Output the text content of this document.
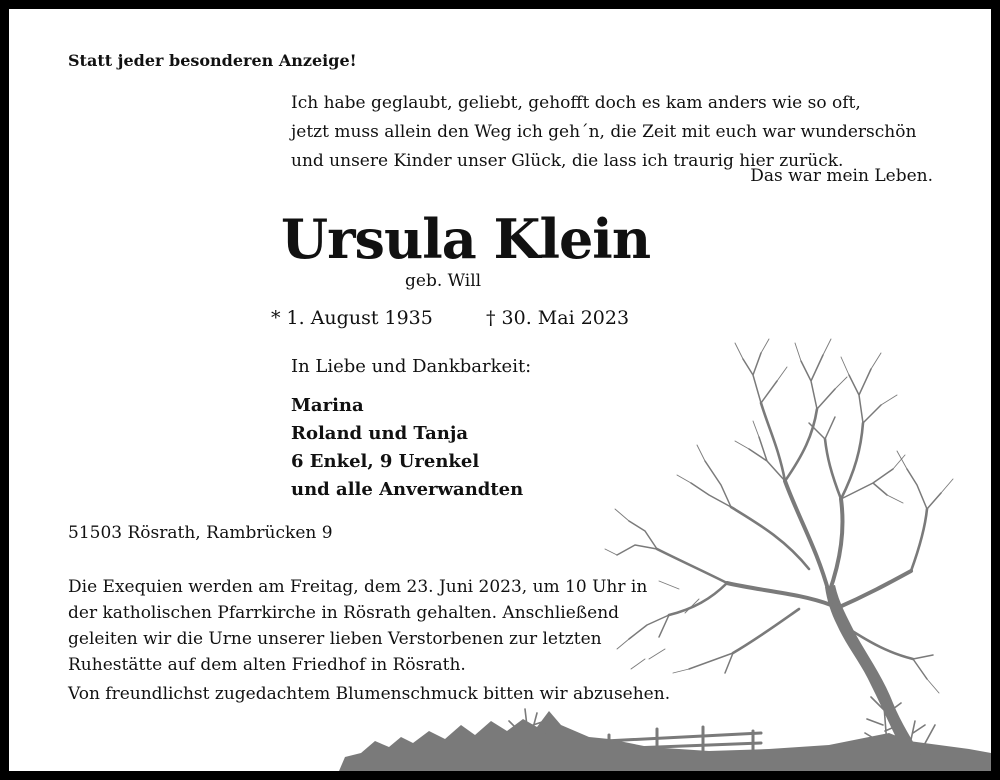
Statt jeder besonderen Anzeige!
Ich habe geglaubt, geliebt, gehofft doch es kam anders wie so oft,
jetzt muss allein den Weg ich geh´n, die Zeit mit euch war wunderschön
und unsere Kinder unser Glück, die lass ich traurig hier zurück.
Das war mein Leben.
Ursula Klein
geb. Will
* 1. August 1935	† 30. Mai 2023
In Liebe und Dankbarkeit:
Marina
Roland und Tanja
6 Enkel, 9 Urenkel
und alle Anverwandten
51503 Rösrath, Rambrücken 9
Die Exequien werden am Freitag, dem 23. Juni 2023, um 10 Uhr in
der katholischen Pfarrkirche in Rösrath gehalten. Anschließend
geleiten wir die Urne unserer lieben Verstorbenen zur letzten
Ruhestätte auf dem alten Friedhof in Rösrath.
Von freundlichst zugedachtem Blumenschmuck bitten wir abzusehen.
